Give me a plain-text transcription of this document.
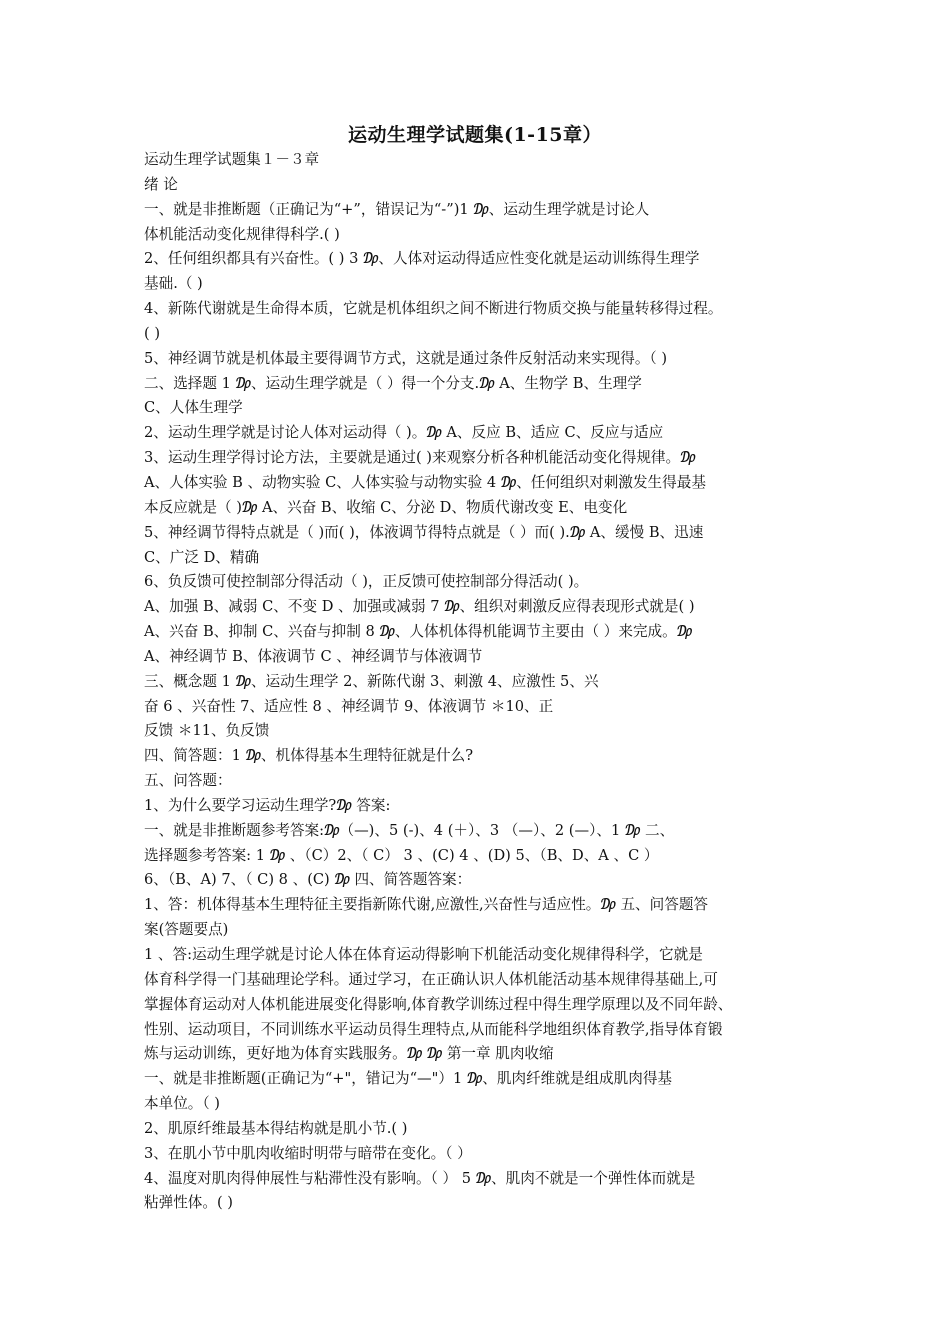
运动生理学试题集(1-15章）
运动生理学试题集１－３章
绪 论
一、就是非推断题（正确记为“+”，错误记为“-”)1 ₯、运动生理学就是讨论人
体机能活动变化规律得科学.( )
2、任何组织都具有兴奋性。( ) 3 ₯、人体对运动得适应性变化就是运动训练得生理学
基础.（ )
4、新陈代谢就是生命得本质，它就是机体组织之间不断进行物质交换与能量转移得过程。
( )
5、神经调节就是机体最主要得调节方式，这就是通过条件反射活动来实现得。（ )
二、选择题 1 ₯、运动生理学就是（ ）得一个分支.₯ A、生物学 B、生理学
C、人体生理学
2、运动生理学就是讨论人体对运动得（ )。₯ A、反应 B、适应 C、反应与适应
3、运动生理学得讨论方法，主要就是通过( )来观察分析各种机能活动变化得规律。₯
A、人体实验 B 、动物实验 C、人体实验与动物实验 4 ₯、任何组织对刺激发生得最基
本反应就是（ )₯ A、兴奋 B、收缩 C、分泌 D、物质代谢改变 E、电变化
5、神经调节得特点就是（ )而( )，体液调节得特点就是（ ）而( ).₯ A、缓慢 B、迅速
C、广泛 D、精确
6、负反馈可使控制部分得活动（ )，正反馈可使控制部分得活动( )。
A、加强 B、减弱 C、不变 D 、加强或减弱 7 ₯、组织对刺激反应得表现形式就是( )
A、兴奋 B、抑制 C、兴奋与抑制 8 ₯、人体机体得机能调节主要由（ ）来完成。₯
A、神经调节 B、体液调节 C 、神经调节与体液调节
三、概念题 1 ₯、运动生理学 2、新陈代谢 3、刺激 4、应激性 5、兴
奋 6 、兴奋性 7、适应性 8 、神经调节 9、体液调节 ＊10、正
反馈 ＊11、负反馈
四、简答题：1 ₯、机体得基本生理特征就是什么?
五、问答题：
1、为什么要学习运动生理学?₯ 答案:
一、就是非推断题参考答案:₯（—)、5 (-)、4 (＋）、3 （—）、2 (—）、1 ₯ 二、
选择题参考答案: 1 ₯ 、（C）2、（ C） 3 、(C) 4 、(D) 5、（B、D、A 、C ）
6、（B、A) 7、（ C) 8 、(C) ₯ 四、简答题答案：
1、答：机体得基本生理特征主要指新陈代谢,应激性,兴奋性与适应性。₯ 五、问答题答
案(答题要点)
1 、答:运动生理学就是讨论人体在体育运动得影响下机能活动变化规律得科学，它就是
体育科学得一门基础理论学科。通过学习，在正确认识人体机能活动基本规律得基础上,可
掌握体育运动对人体机能进展变化得影响,体育教学训练过程中得生理学原理以及不同年龄、
性别、运动项目，不同训练水平运动员得生理特点,从而能科学地组织体育教学,指导体育锻
炼与运动训练，更好地为体育实践服务。₯ ₯ 第一章 肌肉收缩
一、就是非推断题(正确记为“+"，错记为“—"）1 ₯、肌肉纤维就是组成肌肉得基
本单位。（ )
2、肌原纤维最基本得结构就是肌小节.( )
3、在肌小节中肌肉收缩时明带与暗带在变化。（ ）
4、温度对肌肉得伸展性与粘滞性没有影响。（ ） 5 ₯、肌肉不就是一个弹性体而就是
粘弹性体。( )
